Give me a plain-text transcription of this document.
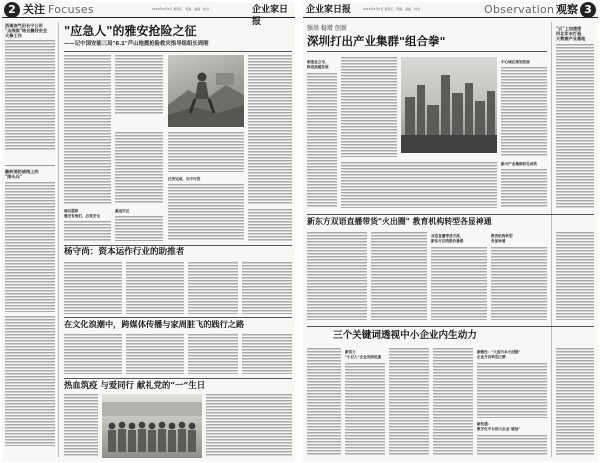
2 关注 Focuses	2015年6月5日 星期五 · 责编 · 美编 · 校对	企业家日报
西南油气田长宁公司
"点线面"结合搞好安全
大修工作
截岭消防战线上的
"排头兵"
"应急人"的雅安抢险之征
——记中国安能三局"6.1"芦山地震抢险救灾指导组组长周刚
调兵遣将
雅安有他们，必竟安全
重返灾区
任务完成，功不可没
杨守尚：资本运作行业的助推者
在文化浪潮中，跨媒体传播与家周脏飞的践行之路
热血筑疫 与爱同行 献礼党的“一”生日
企业家日报	2015年6月5日 星期五 · 责编 · 美编 · 校对	Observation 观察 3
强基 稳增 创新
深圳打出产业集群"组合拳"
制造业立市，
推进高端发展
中心城区规划发展
新兴产业集群初见成效
"云"上加速度
河北年末打造
大数据产业高地
新东方双语直播带货"火出圈" 教育机构转型各显神通
双语直播带货引流，
新东方在线股价暴涨
教育机构转型
各显神通
三个关键词透视中小企业内生动力
新活力
"小巨人"企业发展迅速
新路径："大而为本小而强"
企业开启转型之路
新机遇：
数字化平台助力企业"破局"
